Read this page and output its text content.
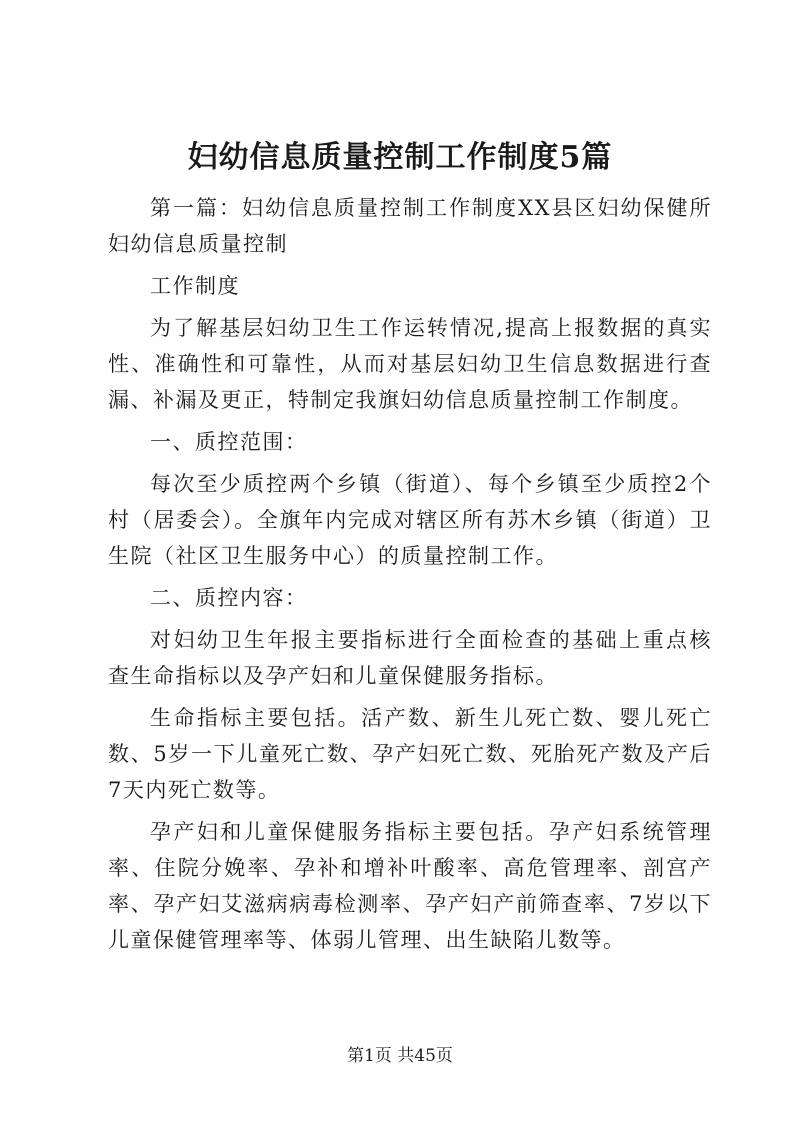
妇幼信息质量控制工作制度5篇

第一篇：妇幼信息质量控制工作制度XX县区妇幼保健所妇幼信息质量控制

工作制度

为了解基层妇幼卫生工作运转情况,提高上报数据的真实性、准确性和可靠性，从而对基层妇幼卫生信息数据进行查漏、补漏及更正，特制定我旗妇幼信息质量控制工作制度。

一、质控范围：

每次至少质控两个乡镇（街道）、每个乡镇至少质控2个村（居委会）。全旗年内完成对辖区所有苏木乡镇（街道）卫生院（社区卫生服务中心）的质量控制工作。

二、质控内容：

对妇幼卫生年报主要指标进行全面检查的基础上重点核查生命指标以及孕产妇和儿童保健服务指标。

生命指标主要包括。活产数、新生儿死亡数、婴儿死亡数、5岁一下儿童死亡数、孕产妇死亡数、死胎死产数及产后7天内死亡数等。

孕产妇和儿童保健服务指标主要包括。孕产妇系统管理率、住院分娩率、孕补和增补叶酸率、高危管理率、剖宫产率、孕产妇艾滋病病毒检测率、孕产妇产前筛查率、7岁以下儿童保健管理率等、体弱儿管理、出生缺陷儿数等。

第1页 共45页
